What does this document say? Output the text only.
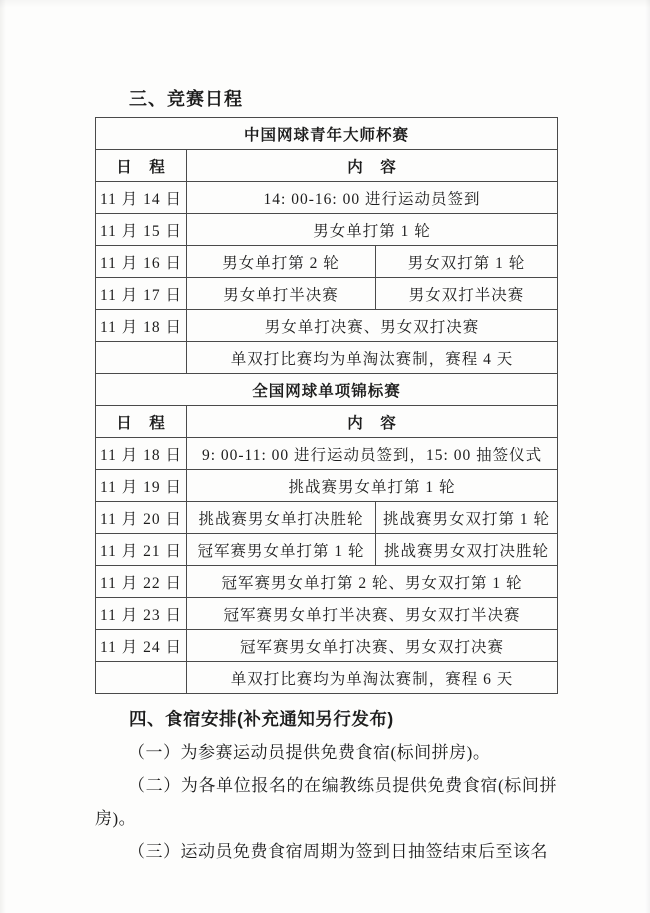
三、竞赛日程
中国网球青年大师杯赛		
日　程	内　容	
11 月 14 日	14: 00-16: 00 进行运动员签到	
11 月 15 日	男女单打第 1 轮	
11 月 16 日	男女单打第 2 轮	男女双打第 1 轮
11 月 17 日	男女单打半决赛	男女双打半决赛
11 月 18 日	男女单打决赛、男女双打决赛	
	单双打比赛均为单淘汰赛制，赛程 4 天	
全国网球单项锦标赛		
日　程	内　容	
11 月 18 日	9: 00-11: 00 进行运动员签到，15: 00 抽签仪式	
11 月 19 日	挑战赛男女单打第 1 轮	
11 月 20 日	挑战赛男女单打决胜轮	挑战赛男女双打第 1 轮
11 月 21 日	冠军赛男女单打第 1 轮	挑战赛男女双打决胜轮
11 月 22 日	冠军赛男女单打第 2 轮、男女双打第 1 轮	
11 月 23 日	冠军赛男女单打半决赛、男女双打半决赛	
11 月 24 日	冠军赛男女单打决赛、男女双打决赛	
	单双打比赛均为单淘汰赛制，赛程 6 天	
四、食宿安排(补充通知另行发布)

（一）为参赛运动员提供免费食宿(标间拼房)。

（二）为各单位报名的在编教练员提供免费食宿(标间拼房)。

（三）运动员免费食宿周期为签到日抽签结束后至该名
